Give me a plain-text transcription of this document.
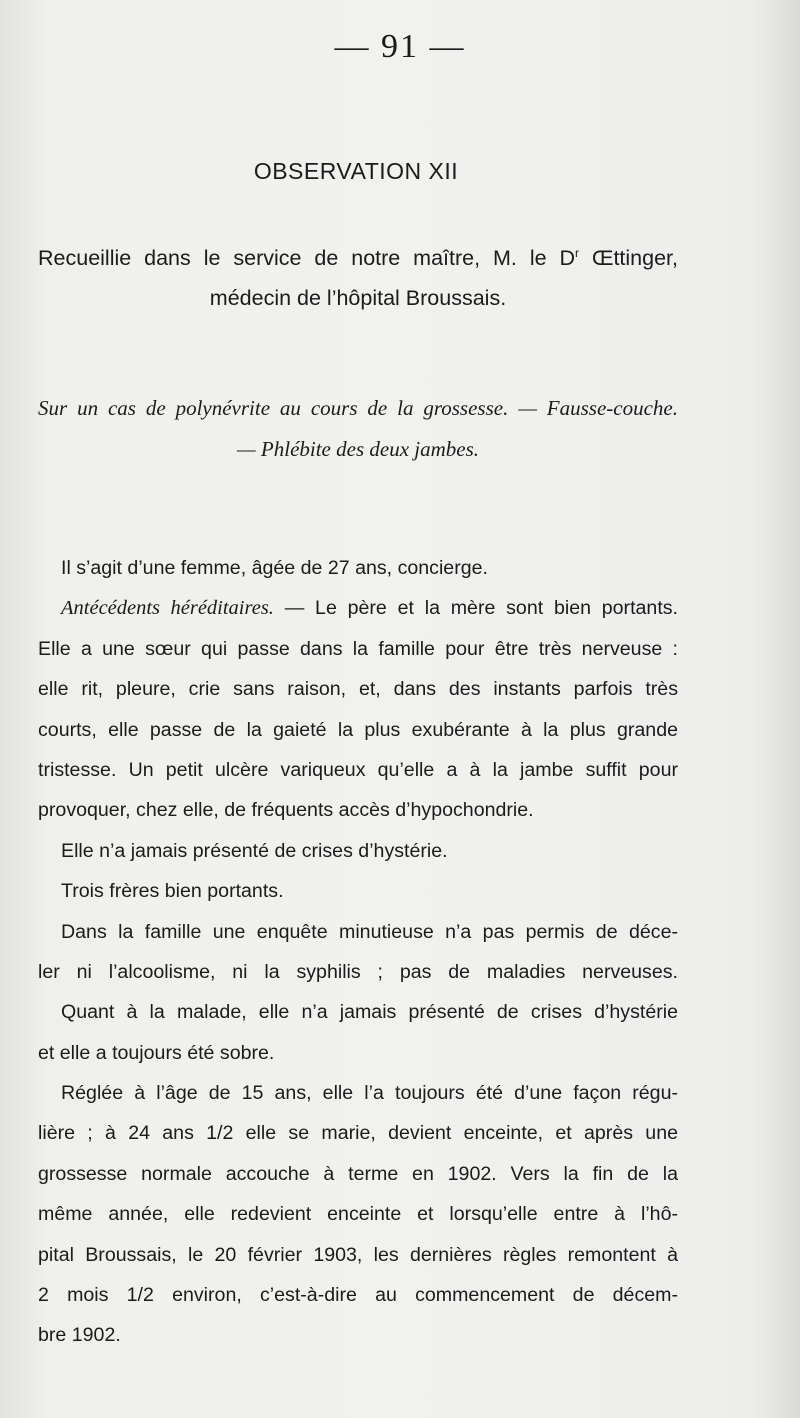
— 91 —
OBSERVATION XII
Recueillie dans le service de notre maître, M. le $D^r$ Œttinger,
médecin de l’hôpital Broussais.
Sur un cas de polynévrite au cours de la grossesse. — Fausse-couche.
— Phlébite des deux jambes.
Il s’agit d’une femme, âgée de 27 ans, concierge.
Antécédents héréditaires. — Le père et la mère sont bien portants.
Elle a une sœur qui passe dans la famille pour être très nerveuse :
elle rit, pleure, crie sans raison, et, dans des instants parfois très
courts, elle passe de la gaieté la plus exubérante à la plus grande
tristesse. Un petit ulcère variqueux qu’elle a à la jambe suffit pour
provoquer, chez elle, de fréquents accès d’hypochondrie.
Elle n’a jamais présenté de crises d’hystérie.
Trois frères bien portants.
Dans la famille une enquête minutieuse n’a pas permis de déce-
ler ni l’alcoolisme, ni la syphilis ; pas de maladies nerveuses.
Quant à la malade, elle n’a jamais présenté de crises d’hystérie
et elle a toujours été sobre.
Réglée à l’âge de 15 ans, elle l’a toujours été d’une façon régu-
lière ; à 24 ans 1/2 elle se marie, devient enceinte, et après une
grossesse normale accouche à terme en 1902. Vers la fin de la
même année, elle redevient enceinte et lorsqu’elle entre à l’hô-
pital Broussais, le 20 février 1903, les dernières règles remontent à
2 mois 1/2 environ, c’est-à-dire au commencement de décem-
bre 1902.
